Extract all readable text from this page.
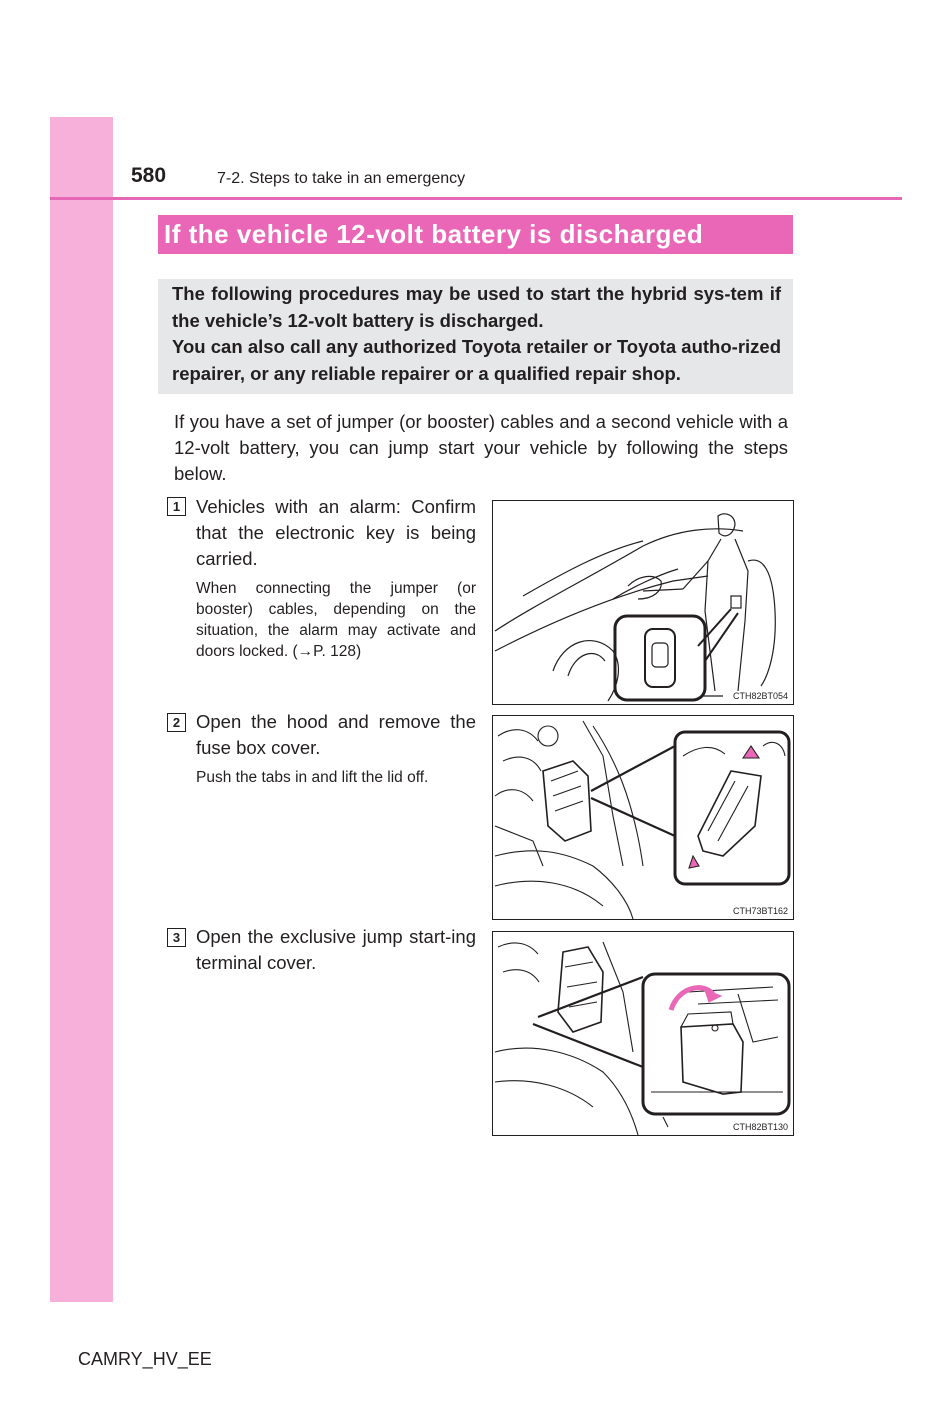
580	7-2. Steps to take in an emergency
If the vehicle 12-volt battery is discharged

The following procedures may be used to start the hybrid sys-tem if the vehicle’s 12-volt battery is discharged.

You can also call any authorized Toyota retailer or Toyota autho-rized repairer, or any reliable repairer or a qualified repair shop.

If you have a set of jumper (or booster) cables and a second vehicle with a 12-volt battery, you can jump start your vehicle by following the steps below.

1 Vehicles with an alarm: Confirm that the electronic key is being carried.

When connecting the jumper (or booster) cables, depending on the situation, the alarm may activate and doors locked. (→P. 128)

CTH82BT054
2 Open the hood and remove the fuse box cover.

Push the tabs in and lift the lid off.

CTH73BT162
3 Open the exclusive jump start-ing terminal cover.

CTH82BT130
CAMRY_HV_EE
